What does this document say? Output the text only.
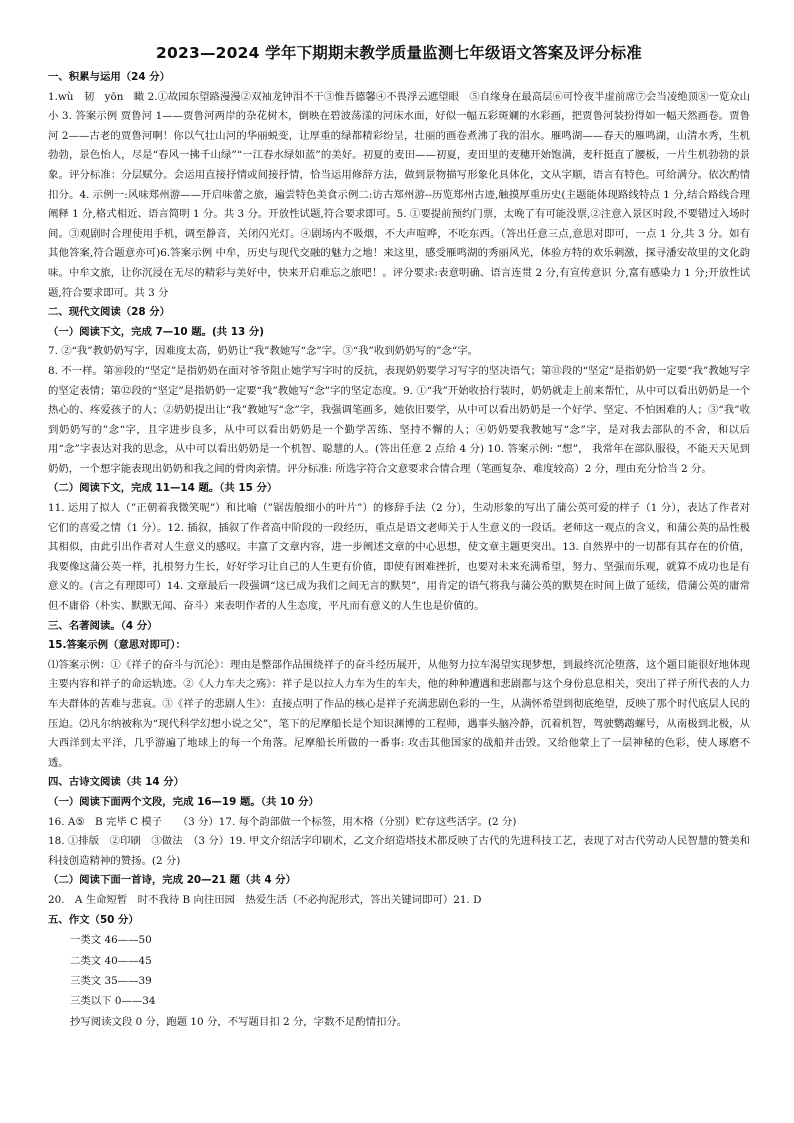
2023—2024 学年下期期末教学质量监测七年级语文答案及评分标准
一、积累与运用（24 分）

1.wù　韧　yōn　瞰 2.①故园东望路漫漫②双袖龙钟泪不干③惟吾德馨④不畏浮云遮望眼　⑤自缘身在最高层⑥可怜夜半虚前席⑦会当凌绝顶⑧一览众山小 3. 答案示例 贾鲁河 1——贾鲁河两岸的杂花树木，倒映在碧波荡漾的河床水面，好似一幅五彩斑斓的水彩画，把贾鲁河装扮得如一幅天然画卷。贾鲁河 2——古老的贾鲁河啊！你以气壮山河的华丽蜕变，让厚重的绿都精彩纷呈，壮丽的画卷煮沸了我的泪水。雁鸣湖——春天的雁鸣湖，山清水秀，生机勃勃，景色怡人，尽是“春风一拂千山绿”“一江春水绿如蓝”的美好。初夏的麦田——初夏，麦田里的麦穗开始饱满，麦秆挺直了腰板，一片生机勃勃的景象。评分标准：分层赋分。会运用直接抒情或间接抒情，恰当运用修辞方法，做到景物描写形象化具体化，文从字顺，语言有特色。可给满分。依次酌情扣分。4. 示例一:风味郑州游——开启味蕾之旅，遍尝特色美食示例二:访古郑州游--历览郑州古迹,触摸厚重历史(主题能体现路线特点 1 分,结合路线合理阐释 1 分,格式相近、语言简明 1 分。共 3 分。开放性试题,符合要求即可。5. ①要提前预约门票，太晚了有可能没票,②注意入景区时段,不要错过入场时间。③观剧时合理使用手机，调至静音，关闭闪光灯。④剧场内不吸烟，不大声喧哗，不吃东西。（答出任意三点,意思对即可，一点 1 分,共 3 分。如有其他答案,符合题意亦可)6.答案示例 中牟，历史与现代交融的魅力之地！来这里，感受雁鸣湖的秀丽风光，体验方特的欢乐刺激，探寻潘安故里的文化韵味。中牟文旅，让你沉浸在无尽的精彩与美好中，快来开启难忘之旅吧！。评分要求:表意明确、语言连贯 2 分,有宣传意识 分,富有感染力 1 分;开放性试题,符合要求即可。共 3 分

二、现代文阅读（28 分）
（一）阅读下文，完成 7—10 题。(共 13 分)

7. ②“我”教奶奶写字，因难度太高，奶奶让“我”教她写“念”字。③“我”收到奶奶写的”念“字。

8. 不一样。第⑩段的“坚定”是指奶奶在面对爷爷阻止她学写字时的反抗，表现奶奶要学习写字的坚决语气；第⑪段的“坚定”是指奶奶一定要“我”教她写字的坚定表情；第⑫段的“坚定”是指奶奶一定要“我”教她写“念”字的坚定态度。9. ①“我”开始收拾行装时，奶奶就走上前来帮忙，从中可以看出奶奶是一个热心的、疼爱孩子的人；②奶奶提出让“我”教她写“念”字，我强调笔画多，她依旧要学，从中可以看出奶奶是一个好学、坚定、不怕困难的人；③“我”收到奶奶写的”念“字，且字进步良多，从中可以看出奶奶是一个勤学苦练、坚持不懈的人；④奶奶要我教她写“念”字，是对我去部队的不舍，和以后用“念”字表达对我的思念，从中可以看出奶奶是一个机智、聪慧的人。(答出任意 2 点给 4 分) 10. 答案示例: “想”， 我常年在部队服役，不能天天见到奶奶，一个想字能表现出奶奶和我之间的骨肉亲情。评分标准: 所选字符合文意要求合情合理（笔画复杂、难度较高）2 分，理由充分恰当 2 分。

（二）阅读下文，完成 11—14 题。（共 15 分）

11. 运用了拟人（”正朝着我微笑呢”）和比喻（”锯齿般细小的叶片”）的修辞手法（2 分），生动形象的写出了蒲公英可爱的样子（1 分），表达了作者对它们的喜爱之情（1 分）。12. 插叙，插叙了作者高中阶段的一段经历，重点是语文老师关于人生意义的一段话。老师这一观点的含义，和蒲公英的品性极其相似，由此引出作者对人生意义的感叹。丰富了文章内容，进一步阐述文章的中心思想，使文章主题更突出。13. 自然界中的一切都有其存在的价值，我要像这蒲公英一样，扎根努力生长，好好学习让自己的人生更有价值，即使有困难挫折，也要对未来充满希望，努力、坚强而乐观，就算不成功也是有意义的。(言之有理即可）14. 文章最后一段强调“这已成为我们之间无言的默契”，用肯定的语气将我与蒲公英的默契在时间上做了延续，借蒲公英的庸常但不庸俗（朴实、默默无闻、奋斗）来表明作者的人生态度，平凡而有意义的人生也是价值的。

三、名著阅读。（4 分）
15.答案示例（意思对即可）：

⑴答案示例：①《祥子的奋斗与沉沦》：理由是整部作品围绕祥子的奋斗经历展开，从他努力拉车渴望实现梦想，到最终沉沦堕落，这个题目能很好地体现主要内容和祥子的命运轨迹。②《人力车夫之殇》：祥子是以拉人力车为生的车夫，他的种种遭遇和悲剧都与这个身份息息相关，突出了祥子所代表的人力车夫群体的苦难与悲哀。③《祥子的悲剧人生》：直接点明了作品的核心是祥子充满悲剧色彩的一生，从满怀希望到彻底绝望，反映了那个时代底层人民的压迫。⑵凡尔纳被称为“现代科学幻想小说之父”，笔下的尼摩船长是个知识渊博的工程师，遇事头脑冷静，沉着机智，驾驶鹦鹉螺号，从南极到北极，从大西洋到太平洋，几乎游遍了地球上的每一个角落。尼摩船长所做的一番事: 攻击其他国家的战船并击毁。又给他蒙上了一层神秘的色彩，使人琢磨不透。

四、古诗文阅读（共 14 分）
（一）阅读下面两个文段，完成 16—19 题。（共 10 分）

16. A⑤　B 完毕 C 模子　　（3 分）17. 每个韵部做一个标签，用木格（分别）贮存这些活字。(2 分)

18. ①排版　②印刷　③做法　（3 分）19. 甲文介绍活字印刷术，乙文介绍造塔技术都反映了古代的先进科技工艺，表现了对古代劳动人民智慧的赞美和科技创造精神的赞扬。(2 分)

（二）阅读下面一首诗，完成 20—21 题（共 4 分）

20.　A 生命短暂　时不我待 B 向往田园　热爱生活（不必拘泥形式，答出关键词即可）21. D

五、作文（50 分）

一类文 46——50

二类文 40——45

三类文 35——39

三类以下 0——34

抄写阅读文段 0 分，跑题 10 分，不写题目扣 2 分，字数不足酌情扣分。
